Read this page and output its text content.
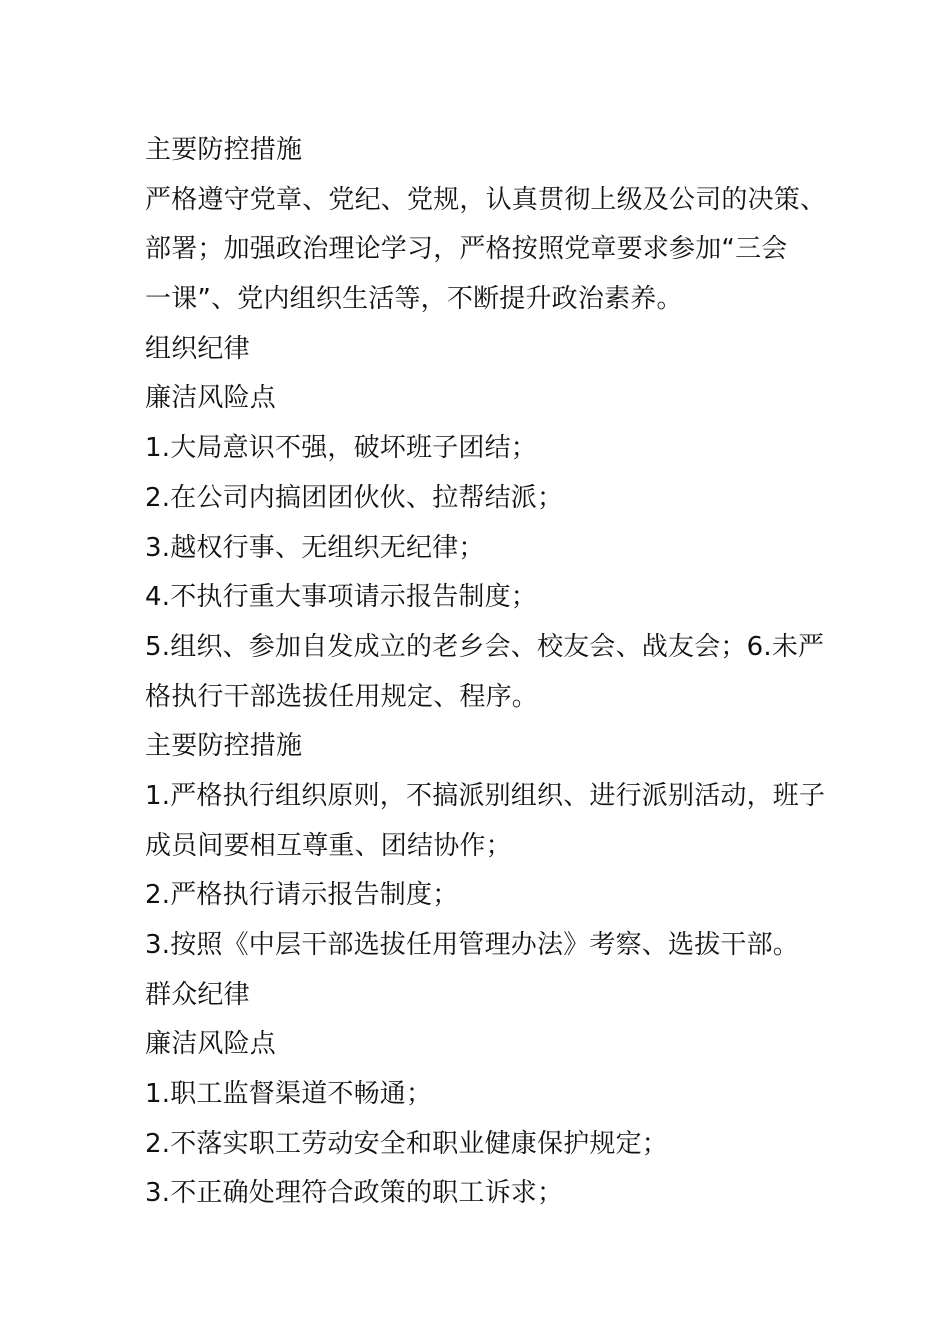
主要防控措施
严格遵守党章、党纪、党规，认真贯彻上级及公司的决策、
部署；加强政治理论学习，严格按照党章要求参加“三会
一课”、党内组织生活等，不断提升政治素养。
组织纪律
廉洁风险点
1.大局意识不强，破坏班子团结；
2.在公司内搞团团伙伙、拉帮结派；
3.越权行事、无组织无纪律；
4.不执行重大事项请示报告制度；
5.组织、参加自发成立的老乡会、校友会、战友会；6.未严
格执行干部选拔任用规定、程序。
主要防控措施
1.严格执行组织原则，不搞派别组织、进行派别活动，班子
成员间要相互尊重、团结协作；
2.严格执行请示报告制度；
3.按照《中层干部选拔任用管理办法》考察、选拔干部。
群众纪律
廉洁风险点
1.职工监督渠道不畅通；
2.不落实职工劳动安全和职业健康保护规定；
3.不正确处理符合政策的职工诉求；
